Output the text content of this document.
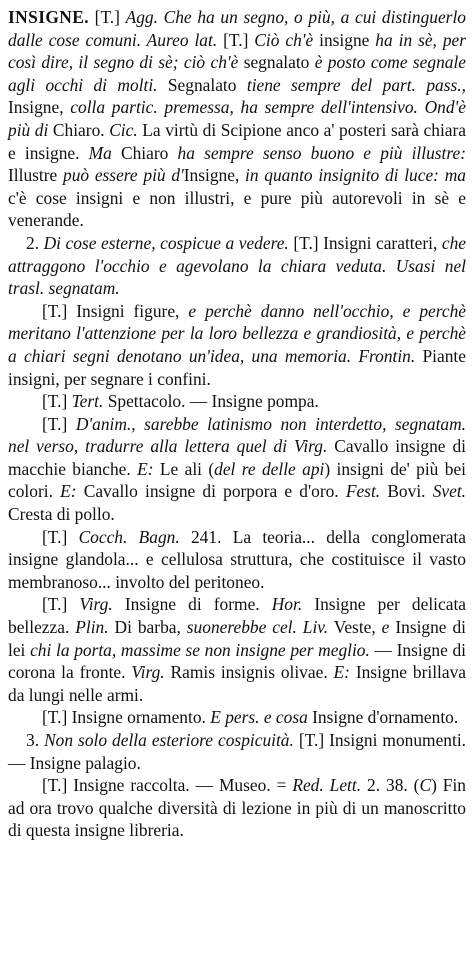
INSIGNE. [T.] Agg. Che ha un segno, o più, a cui distinguerlo dalle cose comuni. Aureo lat. [T.] Ciò ch'è insigne ha in sè, per così dire, il segno di sè; ciò ch'è segnalato è posto come segnale agli occhi di molti. Segnalato tiene sempre del part. pass., Insigne, colla partic. premessa, ha sempre dell'intensivo. Ond'è più di Chiaro. Cic. La virtù di Scipione anco a' posteri sarà chiara e insigne. Ma Chiaro ha sempre senso buono e più illustre: Illustre può essere più d'Insigne, in quanto insignito di luce: ma c'è cose insigni e non illustri, e pure più autorevoli in sè e venerande.

2. Di cose esterne, cospicue a vedere. [T.] Insigni caratteri, che attraggono l'occhio e agevolano la chiara veduta. Usasi nel trasl. segnatam.

[T.] Insigni figure, e perchè danno nell'occhio, e perchè meritano l'attenzione per la loro bellezza e grandiosità, e perchè a chiari segni denotano un'idea, una memoria. Frontin. Piante insigni, per segnare i confini.

[T.] Tert. Spettacolo. — Insigne pompa.

[T.] D'anim., sarebbe latinismo non interdetto, segnatam. nel verso, tradurre alla lettera quel di Virg. Cavallo insigne di macchie bianche. E: Le ali (del re delle api) insigni de' più bei colori. E: Cavallo insigne di porpora e d'oro. Fest. Bovi. Svet. Cresta di pollo.

[T.] Cocch. Bagn. 241. La teoria... della conglomerata insigne glandola... e cellulosa struttura, che costituisce il vasto membranoso... involto del peritoneo.

[T.] Virg. Insigne di forme. Hor. Insigne per delicata bellezza. Plin. Di barba, suonerebbe cel. Liv. Veste, e Insigne di lei chi la porta, massime se non insigne per meglio. — Insigne di corona la fronte. Virg. Ramis insignis olivae. E: Insigne brillava da lungi nelle armi.

[T.] Insigne ornamento. E pers. e cosa Insigne d'ornamento.

3. Non solo della esteriore cospicuità. [T.] Insigni monumenti. — Insigne palagio.

[T.] Insigne raccolta. — Museo. = Red. Lett. 2. 38. (C) Fin ad ora trovo qualche diversità di lezione in più di un manoscritto di questa insigne libreria.
